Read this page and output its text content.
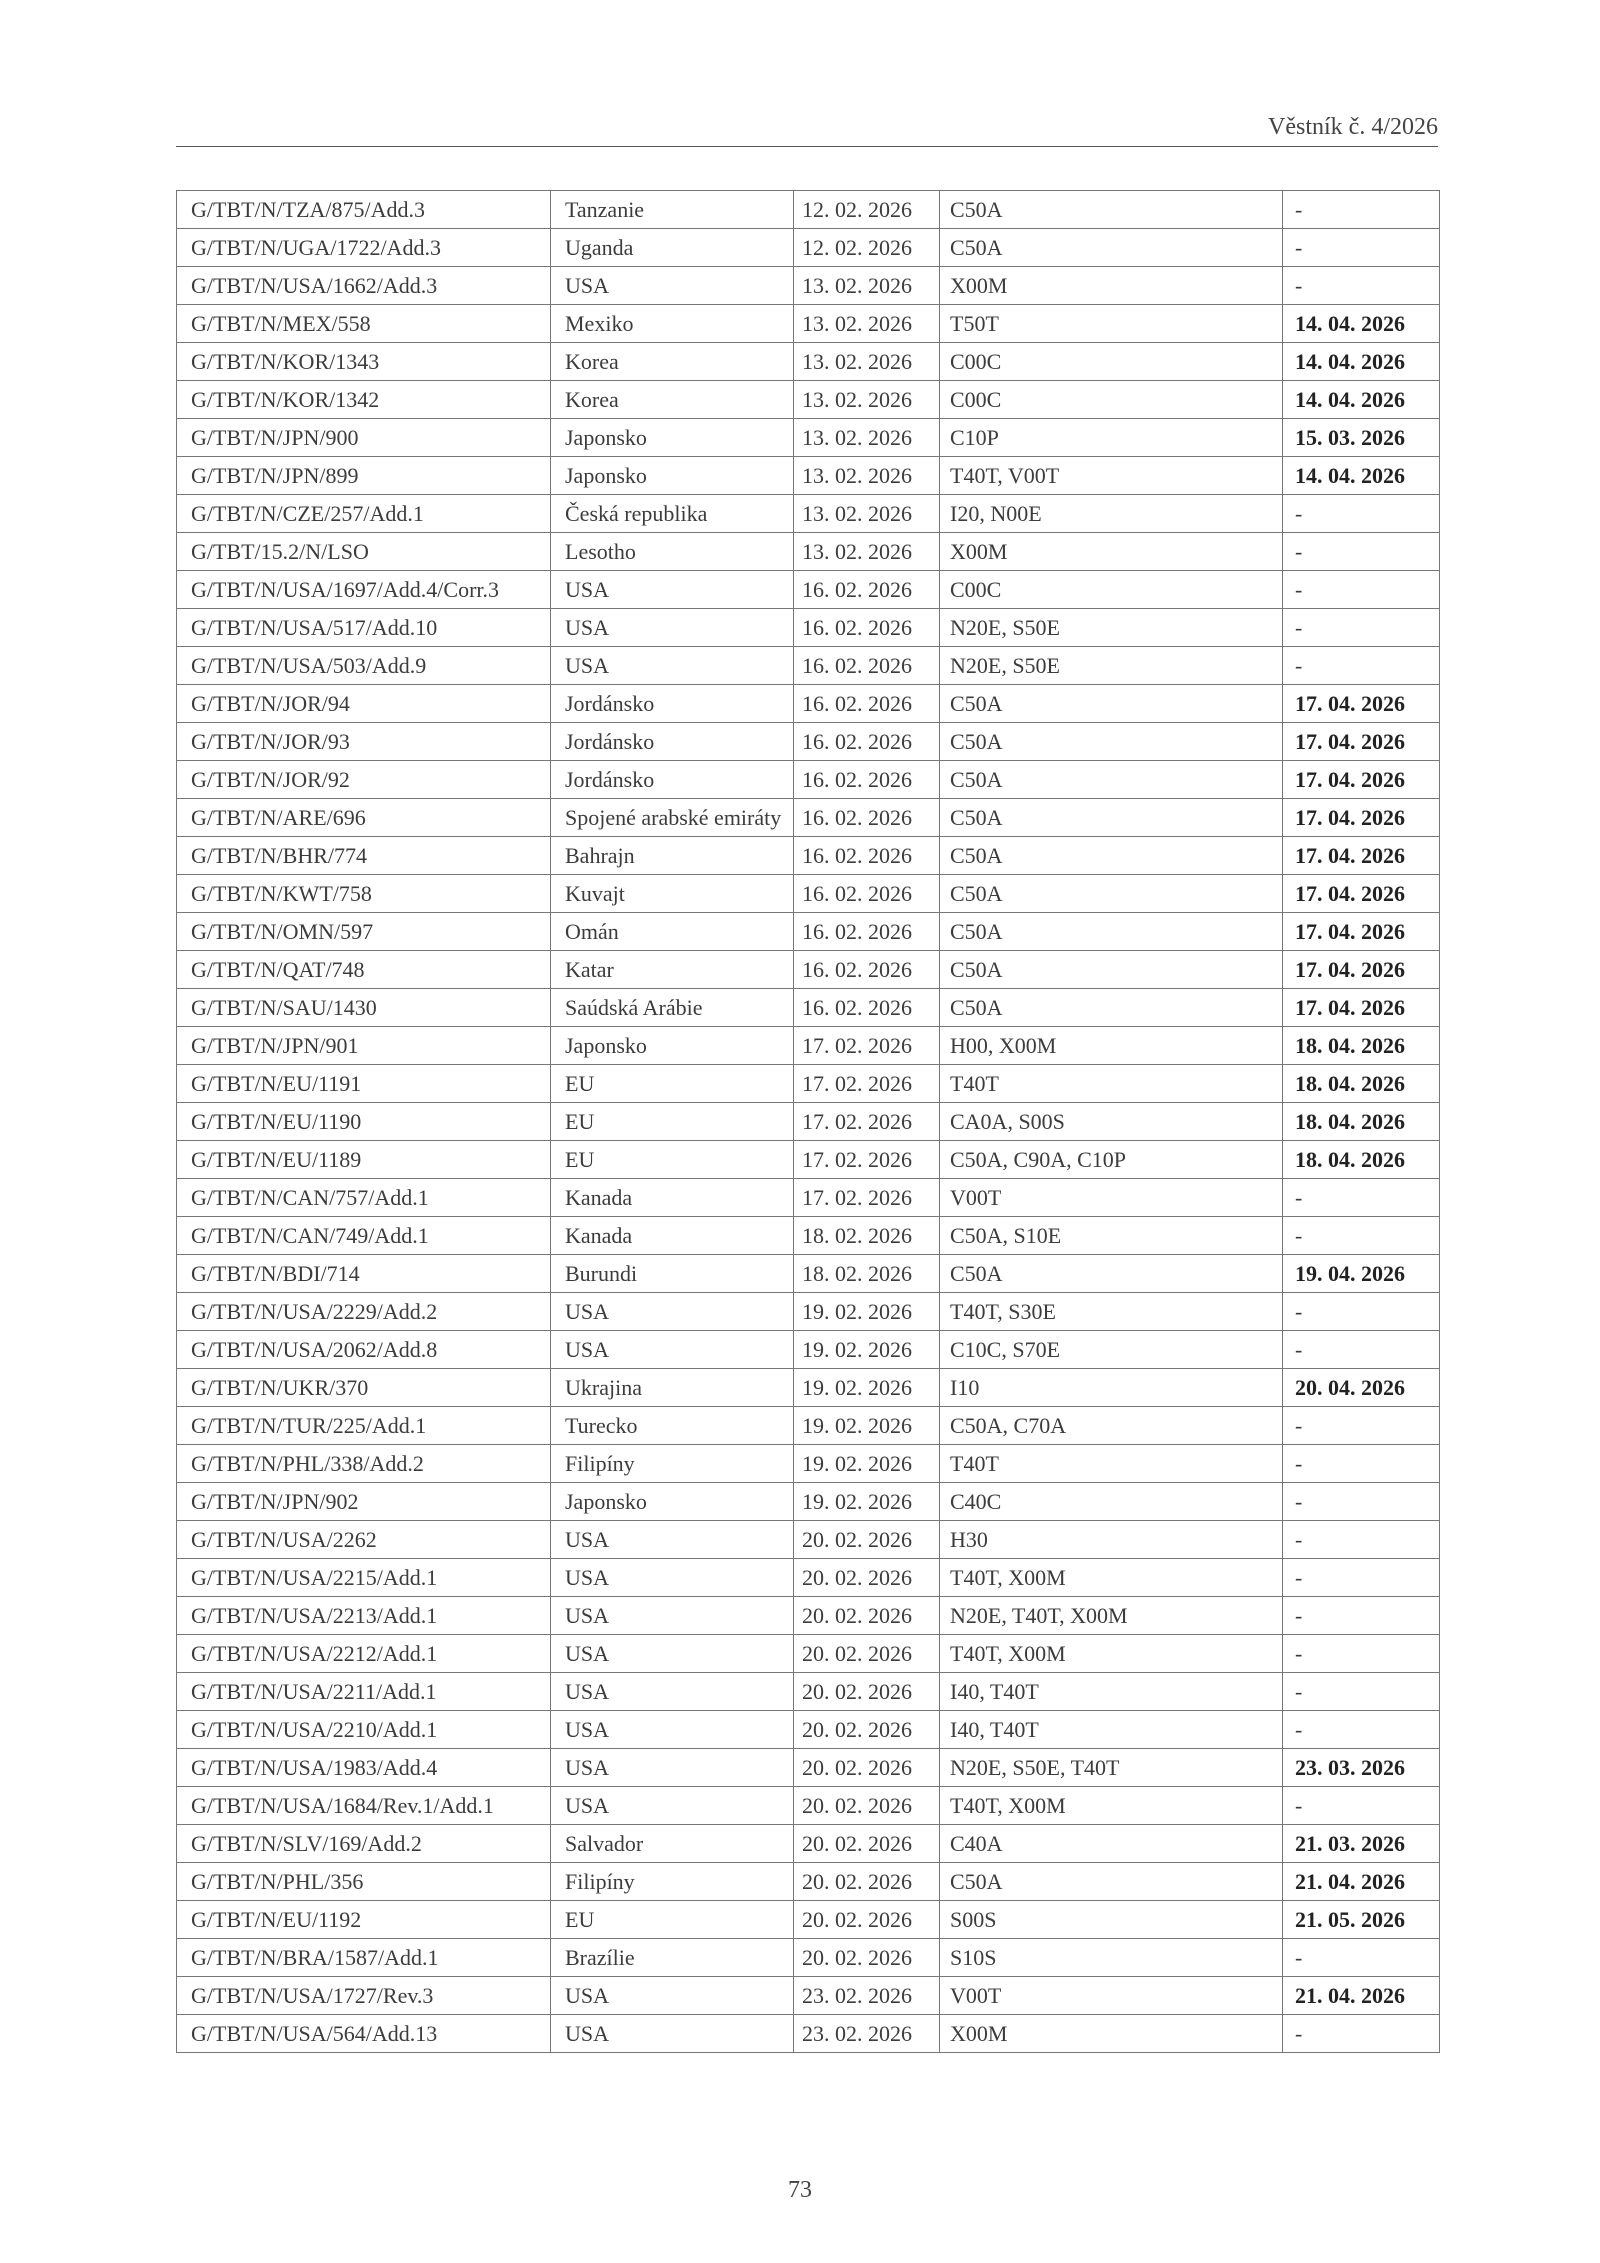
Věstník č. 4/2026
G/TBT/N/TZA/875/Add.3	Tanzanie	12. 02. 2026	C50A	-
G/TBT/N/UGA/1722/Add.3	Uganda	12. 02. 2026	C50A	-
G/TBT/N/USA/1662/Add.3	USA	13. 02. 2026	X00M	-
G/TBT/N/MEX/558	Mexiko	13. 02. 2026	T50T	14. 04. 2026
G/TBT/N/KOR/1343	Korea	13. 02. 2026	C00C	14. 04. 2026
G/TBT/N/KOR/1342	Korea	13. 02. 2026	C00C	14. 04. 2026
G/TBT/N/JPN/900	Japonsko	13. 02. 2026	C10P	15. 03. 2026
G/TBT/N/JPN/899	Japonsko	13. 02. 2026	T40T, V00T	14. 04. 2026
G/TBT/N/CZE/257/Add.1	Česká republika	13. 02. 2026	I20, N00E	-
G/TBT/15.2/N/LSO	Lesotho	13. 02. 2026	X00M	-
G/TBT/N/USA/1697/Add.4/Corr.3	USA	16. 02. 2026	C00C	-
G/TBT/N/USA/517/Add.10	USA	16. 02. 2026	N20E, S50E	-
G/TBT/N/USA/503/Add.9	USA	16. 02. 2026	N20E, S50E	-
G/TBT/N/JOR/94	Jordánsko	16. 02. 2026	C50A	17. 04. 2026
G/TBT/N/JOR/93	Jordánsko	16. 02. 2026	C50A	17. 04. 2026
G/TBT/N/JOR/92	Jordánsko	16. 02. 2026	C50A	17. 04. 2026
G/TBT/N/ARE/696	Spojené arabské emiráty	16. 02. 2026	C50A	17. 04. 2026
G/TBT/N/BHR/774	Bahrajn	16. 02. 2026	C50A	17. 04. 2026
G/TBT/N/KWT/758	Kuvajt	16. 02. 2026	C50A	17. 04. 2026
G/TBT/N/OMN/597	Omán	16. 02. 2026	C50A	17. 04. 2026
G/TBT/N/QAT/748	Katar	16. 02. 2026	C50A	17. 04. 2026
G/TBT/N/SAU/1430	Saúdská Arábie	16. 02. 2026	C50A	17. 04. 2026
G/TBT/N/JPN/901	Japonsko	17. 02. 2026	H00, X00M	18. 04. 2026
G/TBT/N/EU/1191	EU	17. 02. 2026	T40T	18. 04. 2026
G/TBT/N/EU/1190	EU	17. 02. 2026	CA0A, S00S	18. 04. 2026
G/TBT/N/EU/1189	EU	17. 02. 2026	C50A, C90A, C10P	18. 04. 2026
G/TBT/N/CAN/757/Add.1	Kanada	17. 02. 2026	V00T	-
G/TBT/N/CAN/749/Add.1	Kanada	18. 02. 2026	C50A, S10E	-
G/TBT/N/BDI/714	Burundi	18. 02. 2026	C50A	19. 04. 2026
G/TBT/N/USA/2229/Add.2	USA	19. 02. 2026	T40T, S30E	-
G/TBT/N/USA/2062/Add.8	USA	19. 02. 2026	C10C, S70E	-
G/TBT/N/UKR/370	Ukrajina	19. 02. 2026	I10	20. 04. 2026
G/TBT/N/TUR/225/Add.1	Turecko	19. 02. 2026	C50A, C70A	-
G/TBT/N/PHL/338/Add.2	Filipíny	19. 02. 2026	T40T	-
G/TBT/N/JPN/902	Japonsko	19. 02. 2026	C40C	-
G/TBT/N/USA/2262	USA	20. 02. 2026	H30	-
G/TBT/N/USA/2215/Add.1	USA	20. 02. 2026	T40T, X00M	-
G/TBT/N/USA/2213/Add.1	USA	20. 02. 2026	N20E, T40T, X00M	-
G/TBT/N/USA/2212/Add.1	USA	20. 02. 2026	T40T, X00M	-
G/TBT/N/USA/2211/Add.1	USA	20. 02. 2026	I40, T40T	-
G/TBT/N/USA/2210/Add.1	USA	20. 02. 2026	I40, T40T	-
G/TBT/N/USA/1983/Add.4	USA	20. 02. 2026	N20E, S50E, T40T	23. 03. 2026
G/TBT/N/USA/1684/Rev.1/Add.1	USA	20. 02. 2026	T40T, X00M	-
G/TBT/N/SLV/169/Add.2	Salvador	20. 02. 2026	C40A	21. 03. 2026
G/TBT/N/PHL/356	Filipíny	20. 02. 2026	C50A	21. 04. 2026
G/TBT/N/EU/1192	EU	20. 02. 2026	S00S	21. 05. 2026
G/TBT/N/BRA/1587/Add.1	Brazílie	20. 02. 2026	S10S	-
G/TBT/N/USA/1727/Rev.3	USA	23. 02. 2026	V00T	21. 04. 2026
G/TBT/N/USA/564/Add.13	USA	23. 02. 2026	X00M	-
73
